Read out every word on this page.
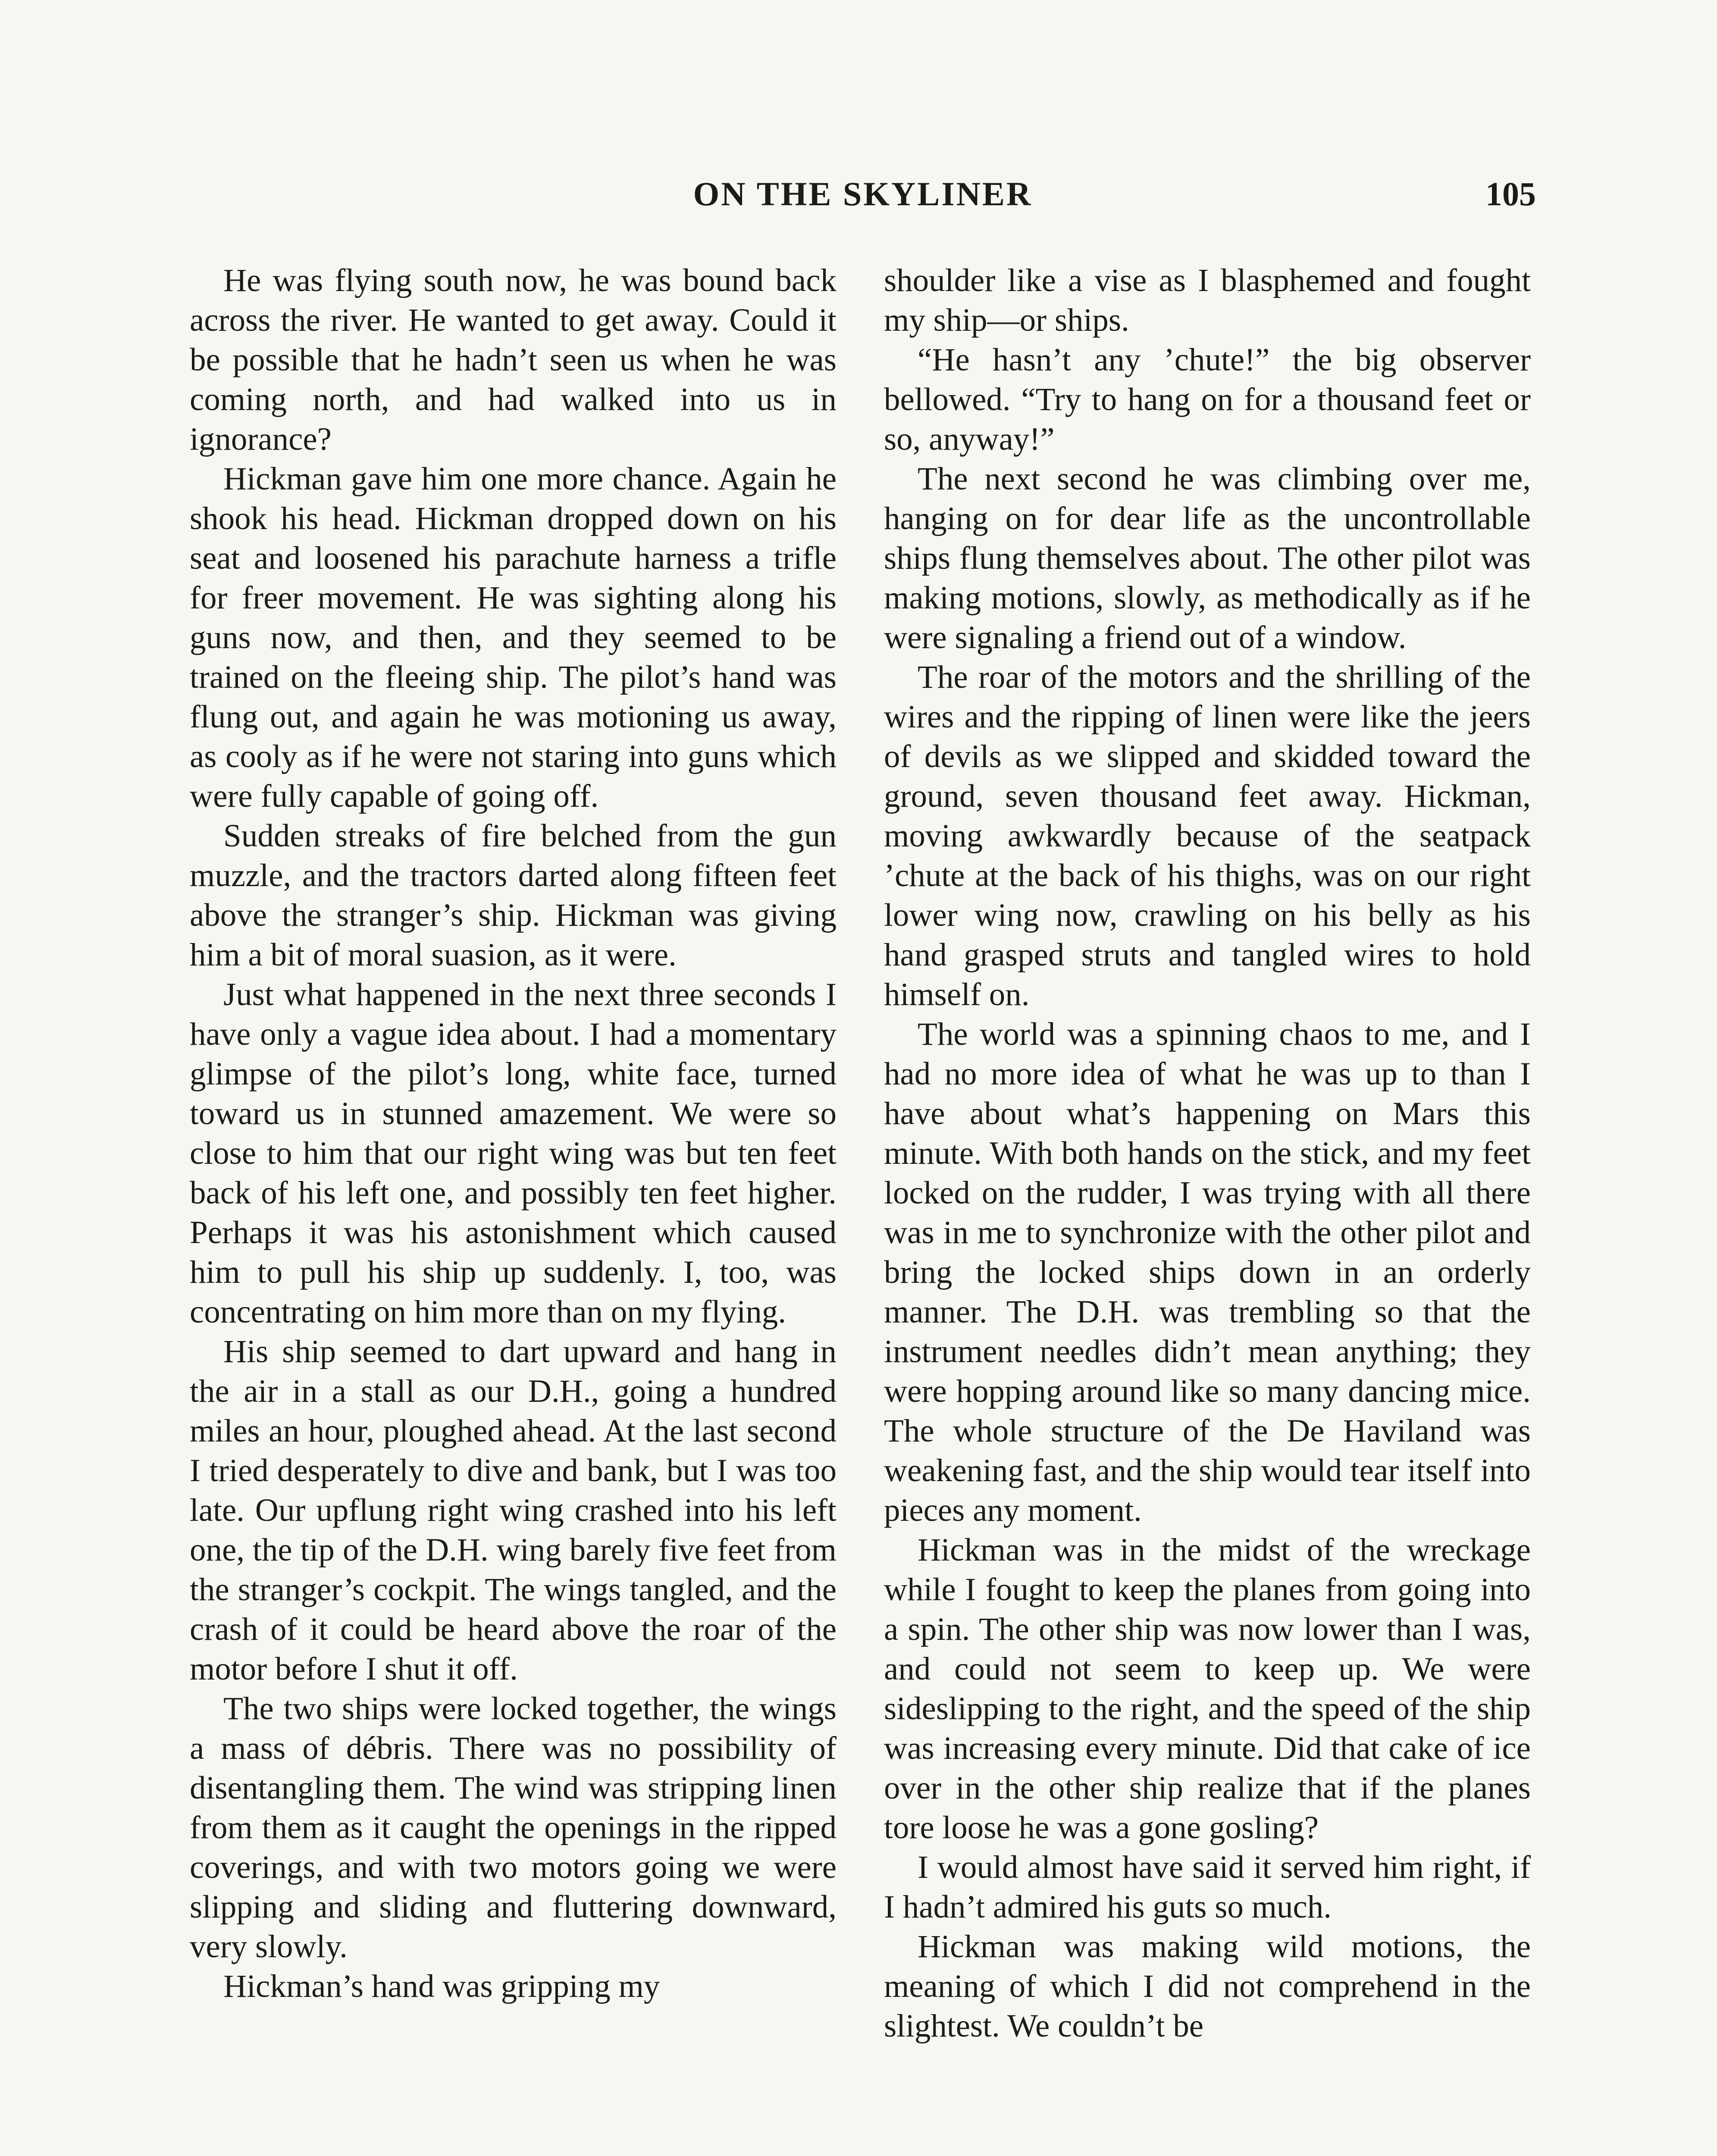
ON THE SKYLINER	105

He was flying south now, he was bound back across the river. He wanted to get away. Could it be possible that he hadn’t seen us when he was coming north, and had walked into us in ignorance?

Hickman gave him one more chance. Again he shook his head. Hickman dropped down on his seat and loosened his parachute harness a trifle for freer movement. He was sighting along his guns now, and then, and they seemed to be trained on the fleeing ship. The pilot’s hand was flung out, and again he was motioning us away, as cooly as if he were not staring into guns which were fully capable of going off.

Sudden streaks of fire belched from the gun muzzle, and the tractors darted along fifteen feet above the stranger’s ship. Hickman was giving him a bit of moral suasion, as it were.

Just what happened in the next three seconds I have only a vague idea about. I had a momentary glimpse of the pilot’s long, white face, turned toward us in stunned amazement. We were so close to him that our right wing was but ten feet back of his left one, and possibly ten feet higher. Perhaps it was his astonishment which caused him to pull his ship up suddenly. I, too, was concentrating on him more than on my flying.

His ship seemed to dart upward and hang in the air in a stall as our D.H., going a hundred miles an hour, ploughed ahead. At the last second I tried desperately to dive and bank, but I was too late. Our upflung right wing crashed into his left one, the tip of the D.H. wing barely five feet from the stranger’s cockpit. The wings tangled, and the crash of it could be heard above the roar of the motor before I shut it off.

The two ships were locked together, the wings a mass of débris. There was no possibility of disentangling them. The wind was stripping linen from them as it caught the openings in the ripped coverings, and with two motors going we were slipping and sliding and fluttering downward, very slowly.

Hickman’s hand was gripping my

shoulder like a vise as I blasphemed and fought my ship—or ships.

“He hasn’t any ’chute!” the big observer bellowed. “Try to hang on for a thousand feet or so, anyway!”

The next second he was climbing over me, hanging on for dear life as the uncontrollable ships flung themselves about. The other pilot was making motions, slowly, as methodically as if he were signaling a friend out of a window.

The roar of the motors and the shrilling of the wires and the ripping of linen were like the jeers of devils as we slipped and skidded toward the ground, seven thousand feet away. Hickman, moving awkwardly because of the seatpack ’chute at the back of his thighs, was on our right lower wing now, crawling on his belly as his hand grasped struts and tangled wires to hold himself on.

The world was a spinning chaos to me, and I had no more idea of what he was up to than I have about what’s happening on Mars this minute. With both hands on the stick, and my feet locked on the rudder, I was trying with all there was in me to synchronize with the other pilot and bring the locked ships down in an orderly manner. The D.H. was trembling so that the instrument needles didn’t mean anything; they were hopping around like so many dancing mice. The whole structure of the De Haviland was weakening fast, and the ship would tear itself into pieces any moment.

Hickman was in the midst of the wreckage while I fought to keep the planes from going into a spin. The other ship was now lower than I was, and could not seem to keep up. We were sideslipping to the right, and the speed of the ship was increasing every minute. Did that cake of ice over in the other ship realize that if the planes tore loose he was a gone gosling?

I would almost have said it served him right, if I hadn’t admired his guts so much.

Hickman was making wild motions, the meaning of which I did not comprehend in the slightest. We couldn’t be
